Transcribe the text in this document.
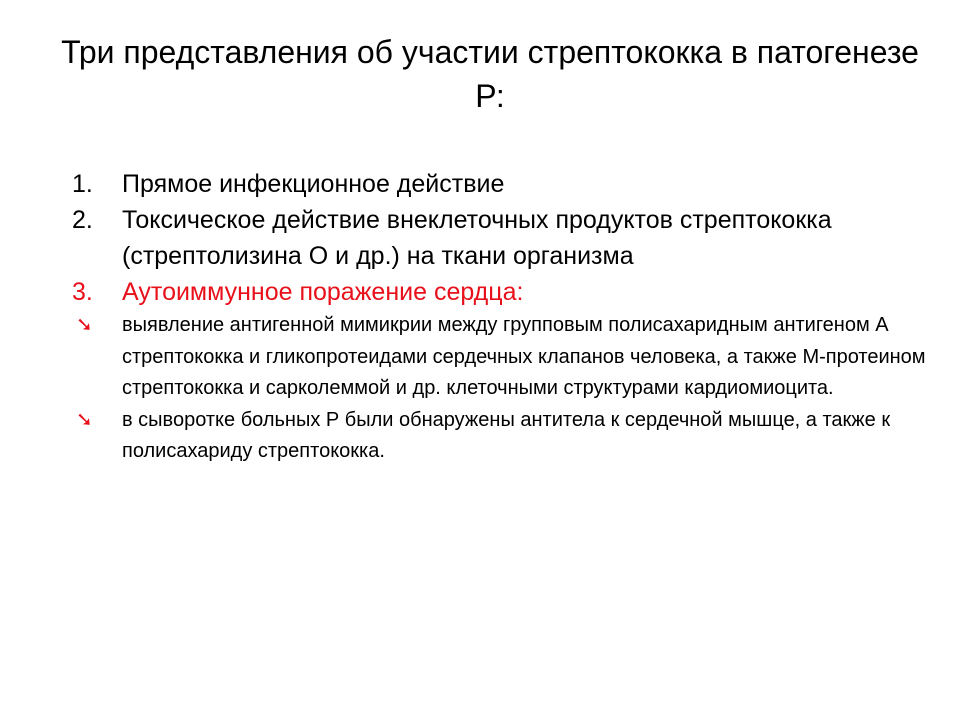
Три представления об участии стрептококка в патогенезе Р:
1. Прямое инфекционное действие
2. Токсическое действие внеклеточных продуктов стрептококка (стрептолизина О и др.) на ткани организма
3. Аутоиммунное поражение сердца:
➘ выявление антигенной мимикрии между групповым полисахаридным антигеном А стрептококка и гликопротеидами сердечных клапанов человека, а также М-протеином стрептококка и сарколеммой и др. клеточными структурами кардиомиоцита.
➘ в сыворотке больных Р были обнаружены антитела к сердечной мышце, а также к полисахариду стрептококка.
